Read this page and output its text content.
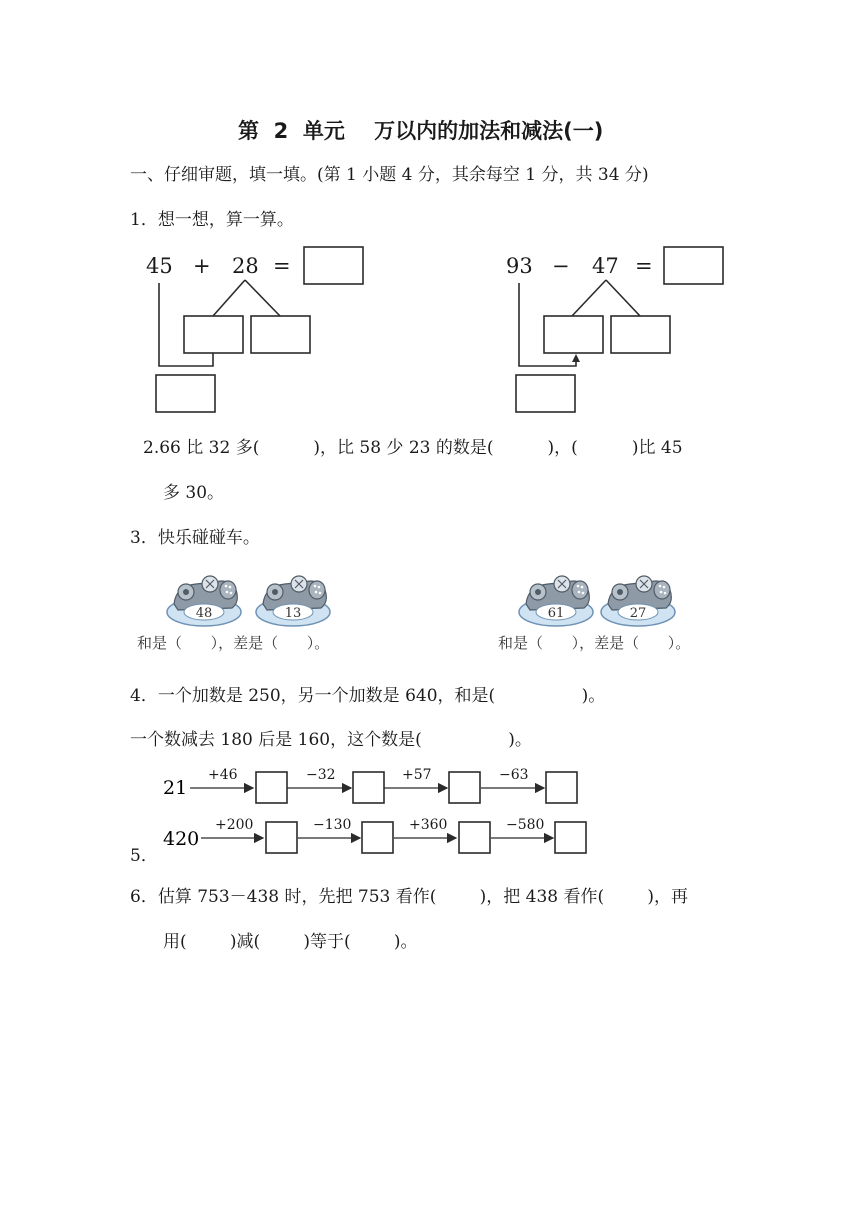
第  2  单元    万以内的加法和减法(一)
一、仔细审题，填一填。(第 1 小题 4 分，其余每空 1 分，共 34 分)
1．想一想，算一算。
45 + 28 =	93 − 47 =
2.66 比 32 多(          )，比 58 少 23 的数是(          )，(          )比 45
多 30。
3．快乐碰碰车。
48	13	61	27
和是（      ），差是（      ）。	和是（      ），差是（      ）。
4．一个加数是 250，另一个加数是 640，和是(                )。
一个数减去 180 后是 160，这个数是(                )。
21
+46	−32	+57	−63
420
+200	−130	+360	−580
5．
6．估算 753－438 时，先把 753 看作(        )，把 438 看作(        )，再
用(        )减(        )等于(        )。
